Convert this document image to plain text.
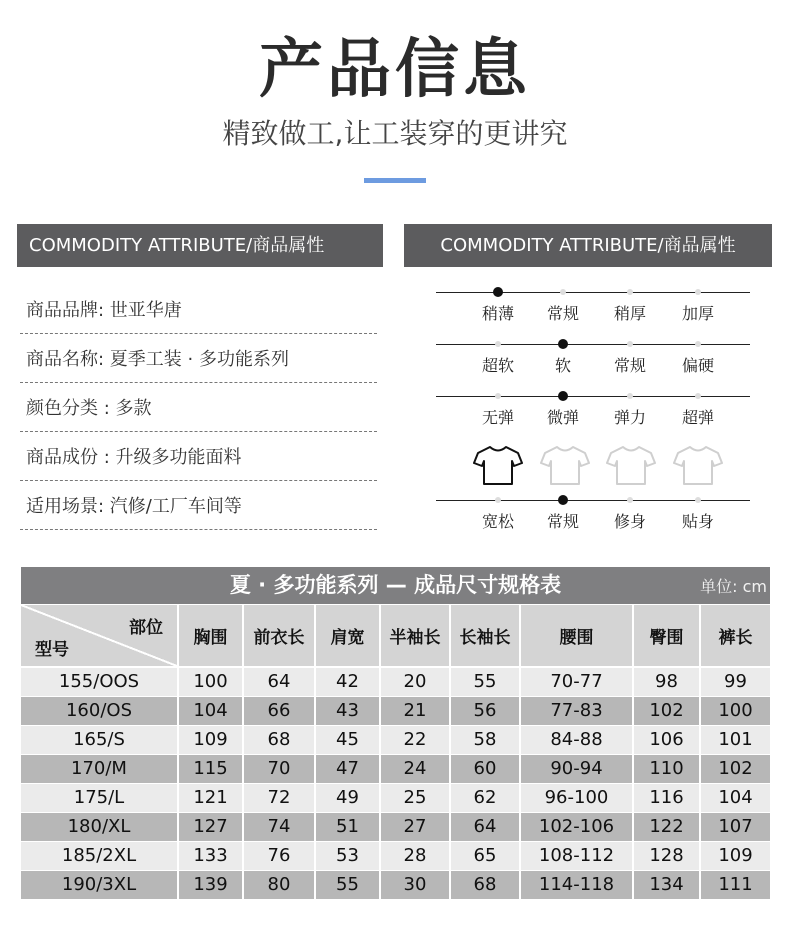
产品信息
精致做工,让工装穿的更讲究
COMMODITY ATTRIBUTE/商品属性	COMMODITY ATTRIBUTE/商品属性
商品品牌: 世亚华唐
商品名称: 夏季工装 · 多功能系列
颜色分类 : 多款
商品成份 : 升级多功能面料
适用场景: 汽修/工厂车间等
稍薄	常规	稍厚	加厚
超软	软	常规	偏硬
无弹	微弹	弹力	超弹
宽松	常规	修身	贴身
夏 · 多功能系列 — 成品尺寸规格表	单位: cm
部位
型号	胸围	前衣长	肩宽	半袖长	长袖长	腰围	臀围	裤长
155/OOS	100	64	42	20	55	70-77	98	99
160/OS	104	66	43	21	56	77-83	102	100
165/S	109	68	45	22	58	84-88	106	101
170/M	115	70	47	24	60	90-94	110	102
175/L	121	72	49	25	62	96-100	116	104
180/XL	127	74	51	27	64	102-106	122	107
185/2XL	133	76	53	28	65	108-112	128	109
190/3XL	139	80	55	30	68	114-118	134	111
